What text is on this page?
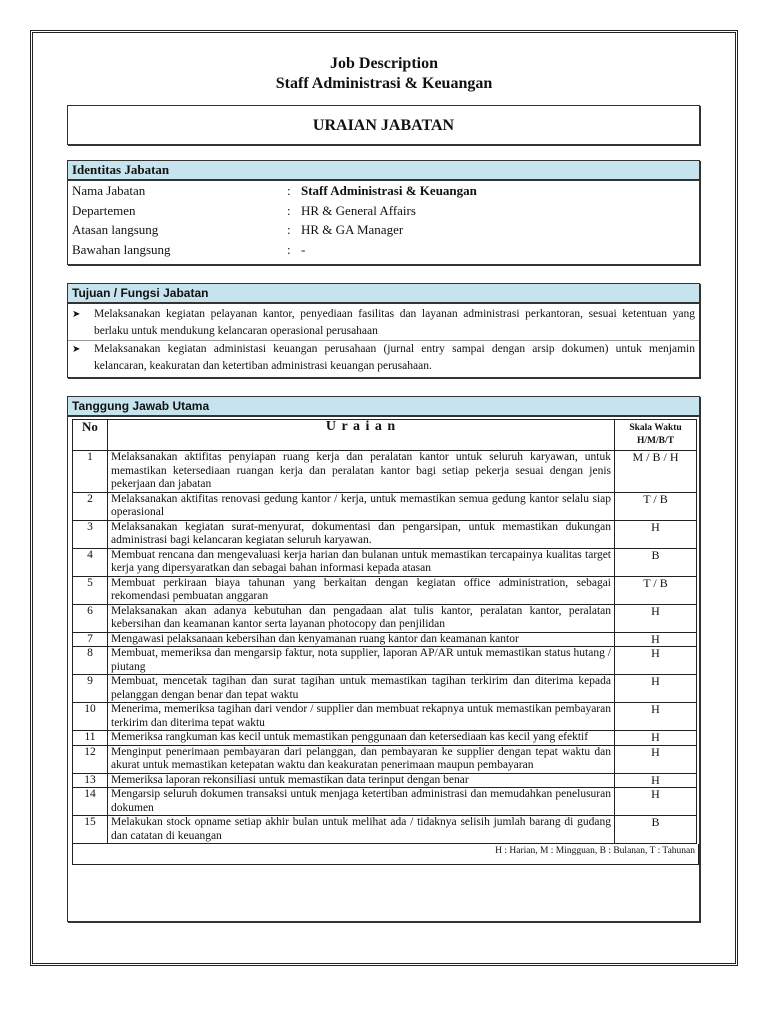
Job Description
Staff Administrasi & Keuangan
URAIAN JABATAN
Identitas Jabatan
Nama Jabatan	: Staff Administrasi & Keuangan
Departemen	: HR & General Affairs
Atasan langsung	: HR & GA Manager
Bawahan langsung	: -
Tujuan / Fungsi Jabatan
➤	Melaksanakan kegiatan pelayanan kantor, penyediaan fasilitas dan layanan administrasi perkantoran, sesuai ketentuan yang berlaku untuk mendukung kelancaran operasional perusahaan
➤	Melaksanakan kegiatan administasi keuangan perusahaan (jurnal entry sampai dengan arsip dokumen) untuk menjamin kelancaran, keakuratan dan ketertiban administrasi keuangan perusahaan.
Tanggung Jawab Utama
No	U r a i a n	Skala Waktu
H/M/B/T
1	Melaksanakan aktifitas penyiapan ruang kerja dan peralatan kantor untuk seluruh karyawan, untuk memastikan ketersediaan ruangan kerja dan peralatan kantor bagi setiap pekerja sesuai dengan jenis pekerjaan dan jabatan	M / B / H
2	Melaksanakan aktifitas renovasi gedung kantor / kerja, untuk memastikan semua gedung kantor selalu siap operasional	T / B
3	Melaksanakan kegiatan surat-menyurat, dokumentasi dan pengarsipan, untuk memastikan dukungan administrasi bagi kelancaran kegiatan seluruh karyawan.	H
4	Membuat rencana dan mengevaluasi kerja harian dan bulanan untuk memastikan tercapainya kualitas target kerja yang dipersyaratkan dan sebagai bahan informasi kepada atasan	B
5	Membuat perkiraan biaya tahunan yang berkaitan dengan kegiatan office administration, sebagai rekomendasi pembuatan anggaran	T / B
6	Melaksanakan akan adanya kebutuhan dan pengadaan alat tulis kantor, peralatan kantor, peralatan kebersihan dan keamanan kantor serta layanan photocopy dan penjilidan	H
7	Mengawasi pelaksanaan kebersihan dan kenyamanan ruang kantor dan keamanan kantor	H
8	Membuat, memeriksa dan mengarsip faktur, nota supplier, laporan AP/AR untuk memastikan status hutang / piutang	H
9	Membuat, mencetak tagihan dan surat tagihan untuk memastikan tagihan terkirim dan diterima kepada pelanggan dengan benar dan tepat waktu	H
10	Menerima, memeriksa tagihan dari vendor / supplier dan membuat rekapnya untuk memastikan pembayaran terkirim dan diterima tepat waktu	H
11	Memeriksa rangkuman kas kecil untuk memastikan penggunaan dan ketersediaan kas kecil yang efektif	H
12	Menginput penerimaan pembayaran dari pelanggan, dan pembayaran ke supplier dengan tepat waktu dan akurat untuk memastikan ketepatan waktu dan keakuratan penerimaan maupun pembayaran	H
13	Memeriksa laporan rekonsiliasi untuk memastikan data terinput dengan benar	H
14	Mengarsip seluruh dokumen transaksi untuk menjaga ketertiban administrasi dan memudahkan penelusuran dokumen	H
15	Melakukan stock opname setiap akhir bulan untuk melihat ada / tidaknya selisih jumlah barang di gudang dan catatan di keuangan	B
H : Harian, M : Mingguan, B : Bulanan, T : Tahunan
